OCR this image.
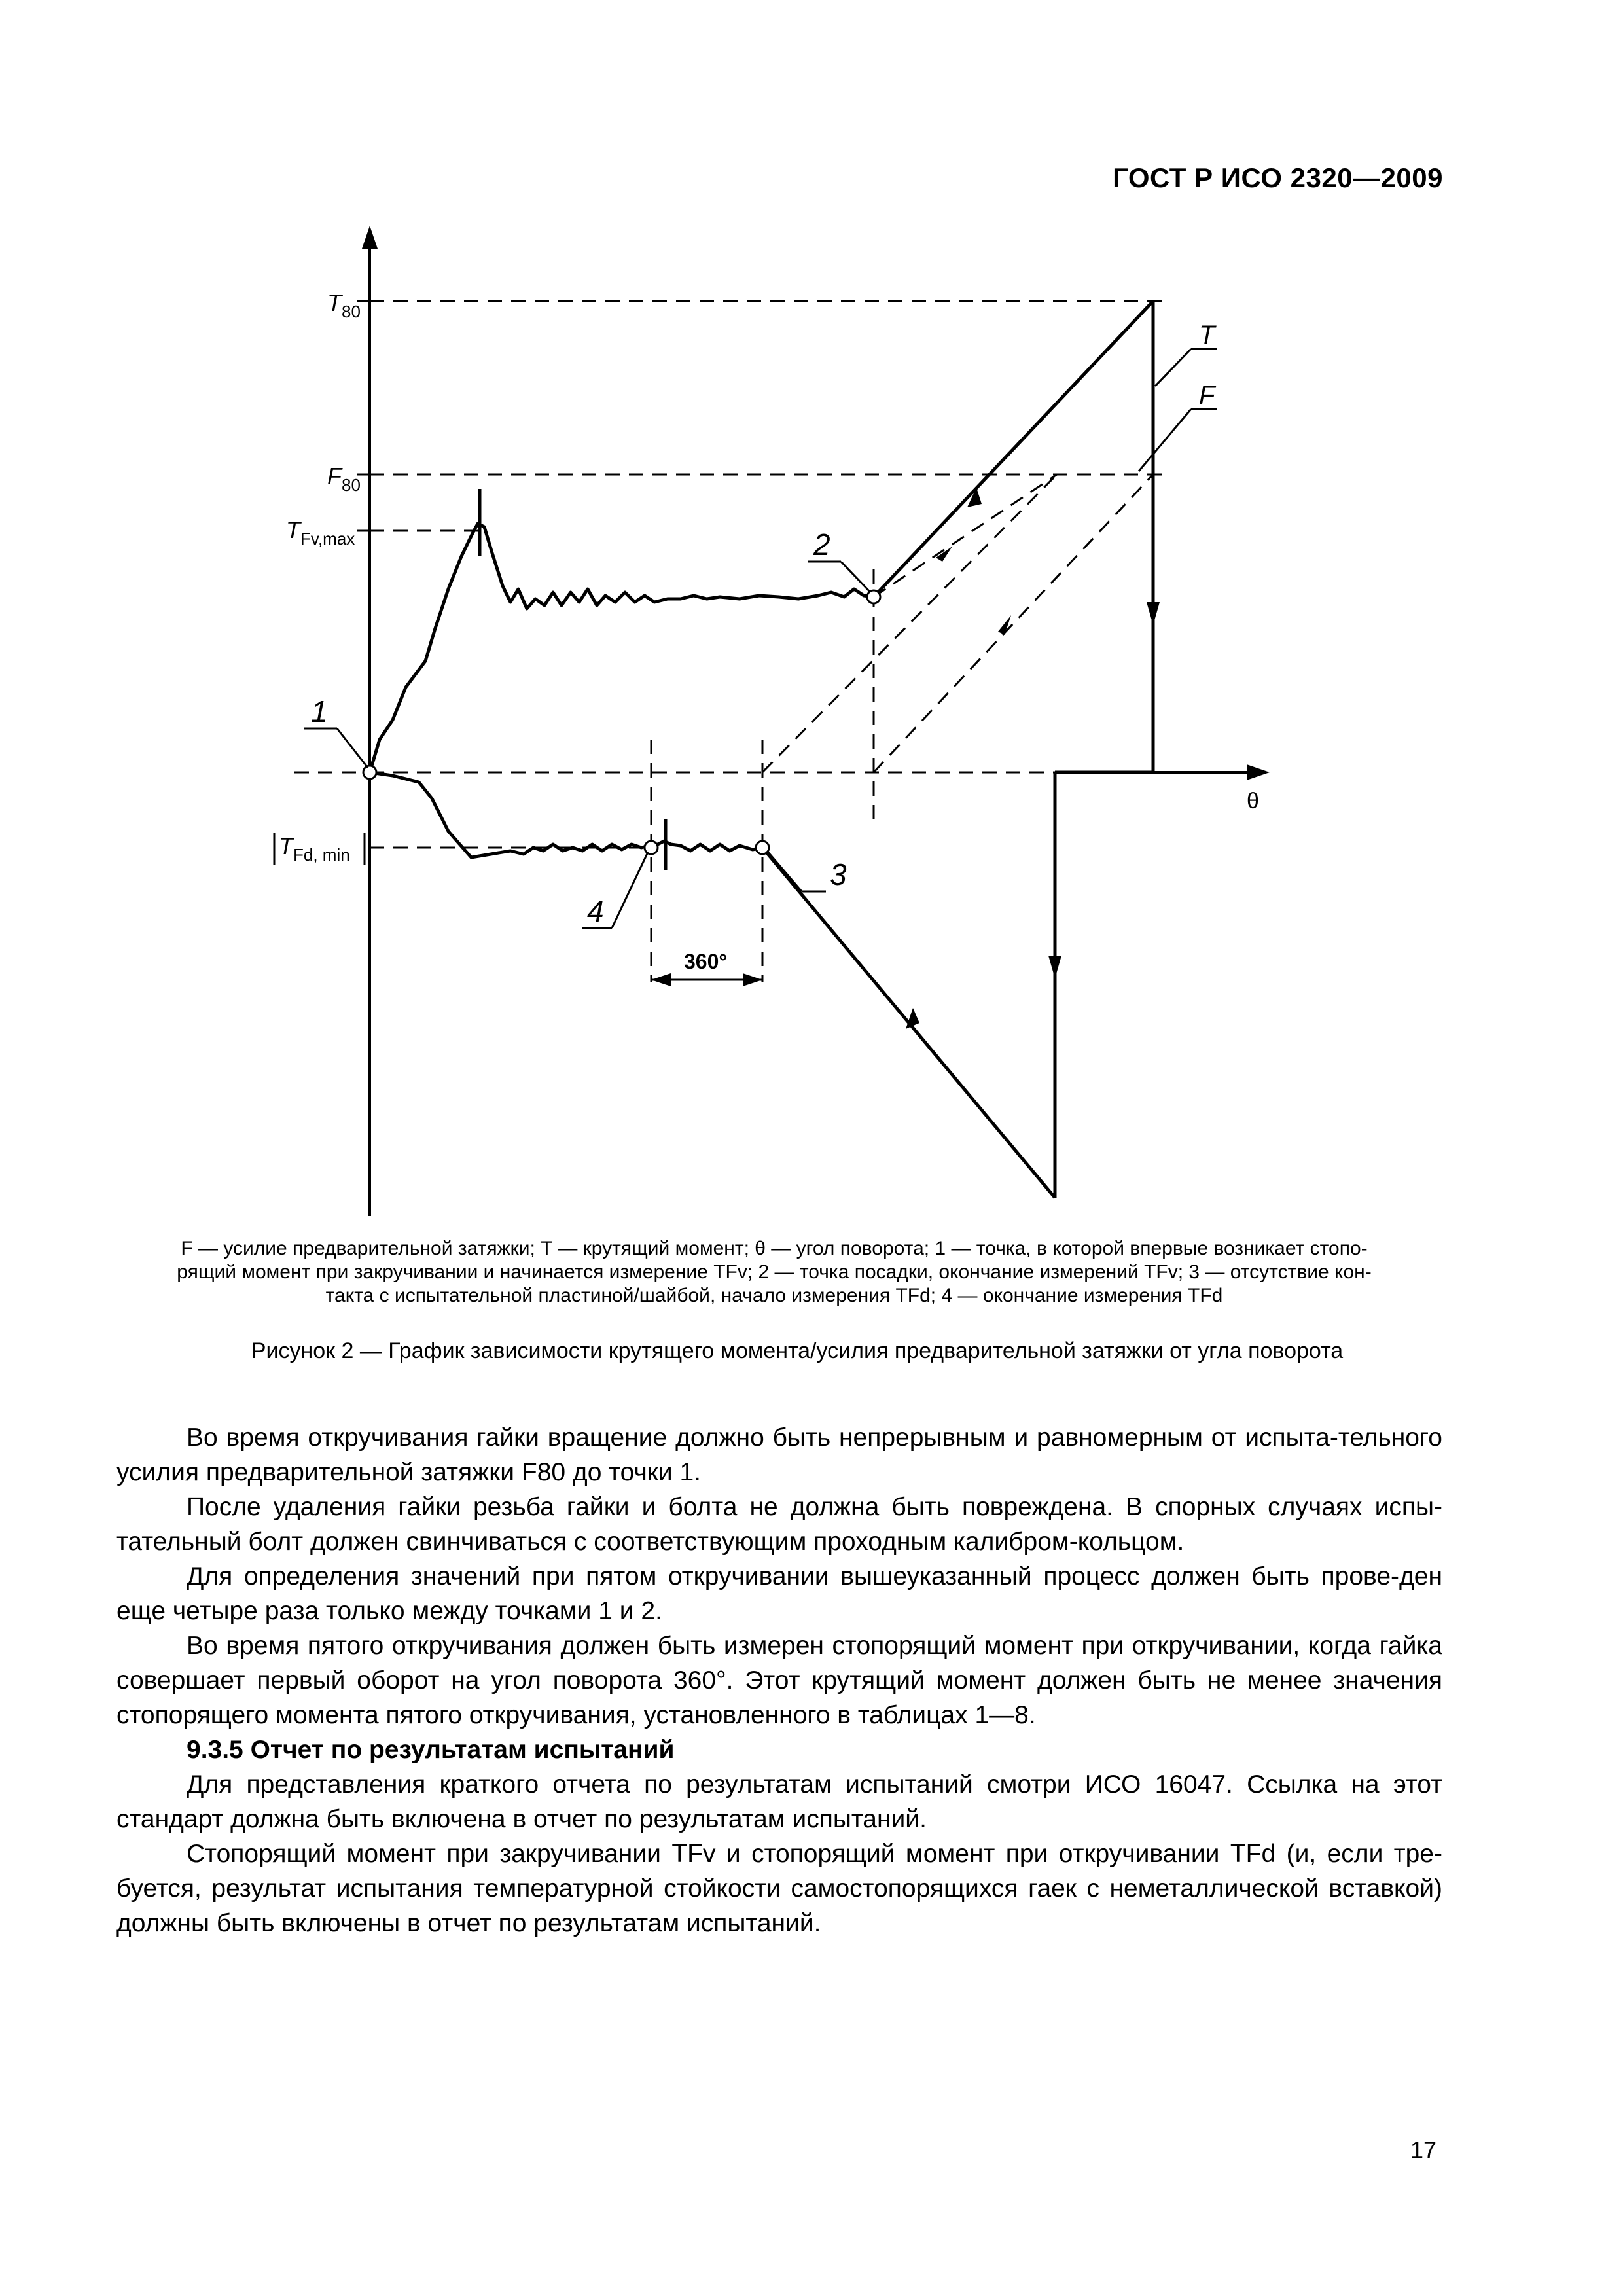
ГОСТ Р ИСО 2320—2009
$T_{80}$
$F_{80}$
$T_{Fv,max}$
$T_{Fd, min}$
θ
360°
1
2
3
4
T
F
F — усилие предварительной затяжки; T — крутящий момент; θ — угол поворота; 1 — точка, в которой впервые возникает стопо-
рящий момент при закручивании и начинается измерение TFv; 2 — точка посадки, окончание измерений TFv; 3 — отсутствие кон-
такта с испытательной пластиной/шайбой, начало измерения TFd; 4 — окончание измерения TFd
Рисунок 2 — График зависимости крутящего момента/усилия предварительной затяжки от угла поворота

Во время откручивания гайки вращение должно быть непрерывным и равномерным от испыта-тельного усилия предварительной затяжки F80 до точки 1.

После удаления гайки резьба гайки и болта не должна быть повреждена. В спорных случаях испы-тательный болт должен свинчиваться с соответствующим проходным калибром-кольцом.

Для определения значений при пятом откручивании вышеуказанный процесс должен быть прове-ден еще четыре раза только между точками 1 и 2.

Во время пятого откручивания должен быть измерен стопорящий момент при откручивании, когда гайка совершает первый оборот на угол поворота 360°. Этот крутящий момент должен быть не менее значения стопорящего момента пятого откручивания, установленного в таблицах 1—8.

9.3.5 Отчет по результатам испытаний

Для представления краткого отчета по результатам испытаний смотри ИСО 16047. Ссылка на этот стандарт должна быть включена в отчет по результатам испытаний.

Стопорящий момент при закручивании TFv и стопорящий момент при откручивании TFd (и, если тре-буется, результат испытания температурной стойкости самостопорящихся гаек с неметаллической вставкой) должны быть включены в отчет по результатам испытаний.

17
